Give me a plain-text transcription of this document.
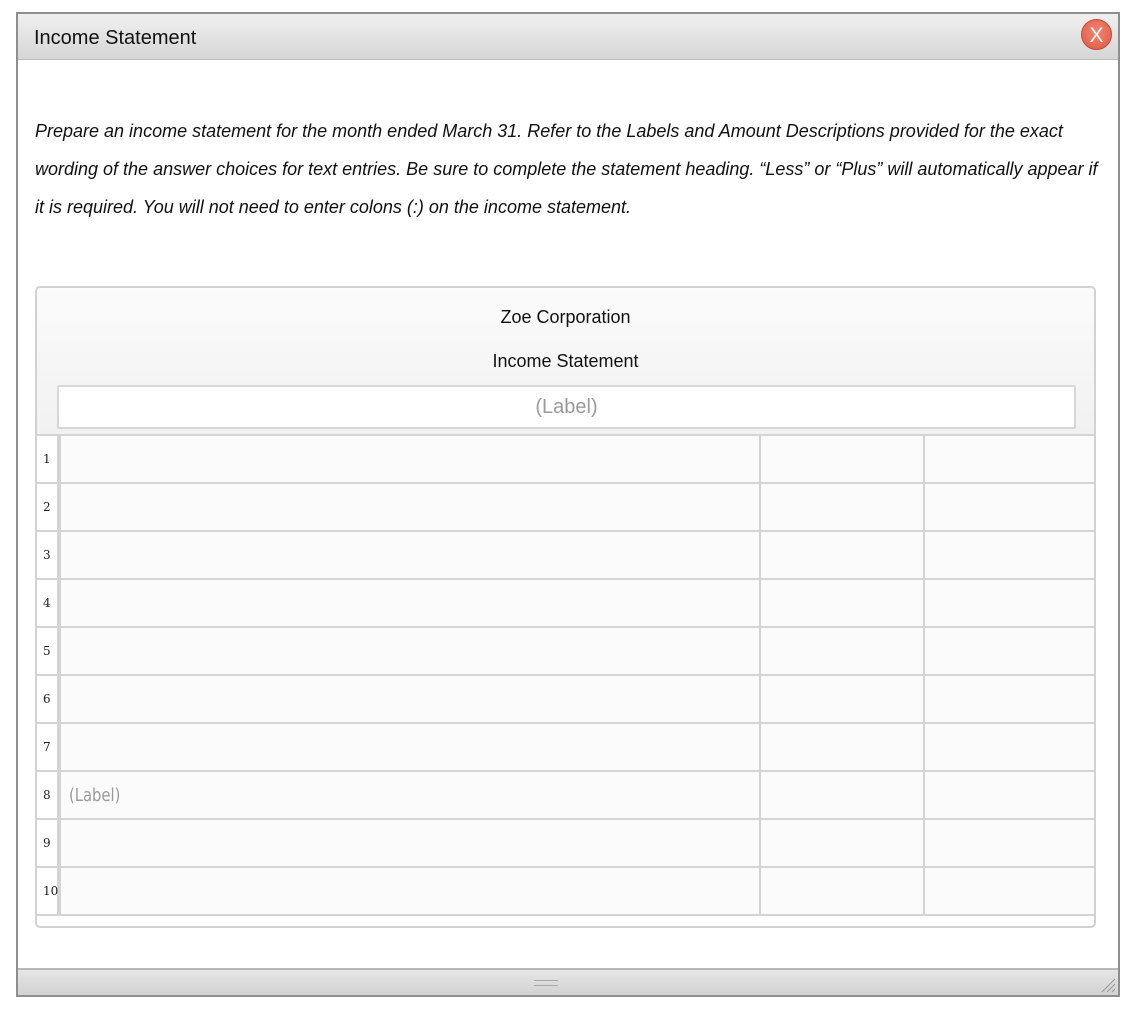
Income Statement	X
Prepare an income statement for the month ended March 31. Refer to the Labels and Amount Descriptions provided for the exact wording of the answer choices for text entries. Be sure to complete the statement heading. “Less” or “Plus” will automatically appear if it is required. You will not need to enter colons (:) on the income statement.
Zoe Corporation
Income Statement
(Label)
1
2
3
4
5
6
7
8	(Label)
9
10
